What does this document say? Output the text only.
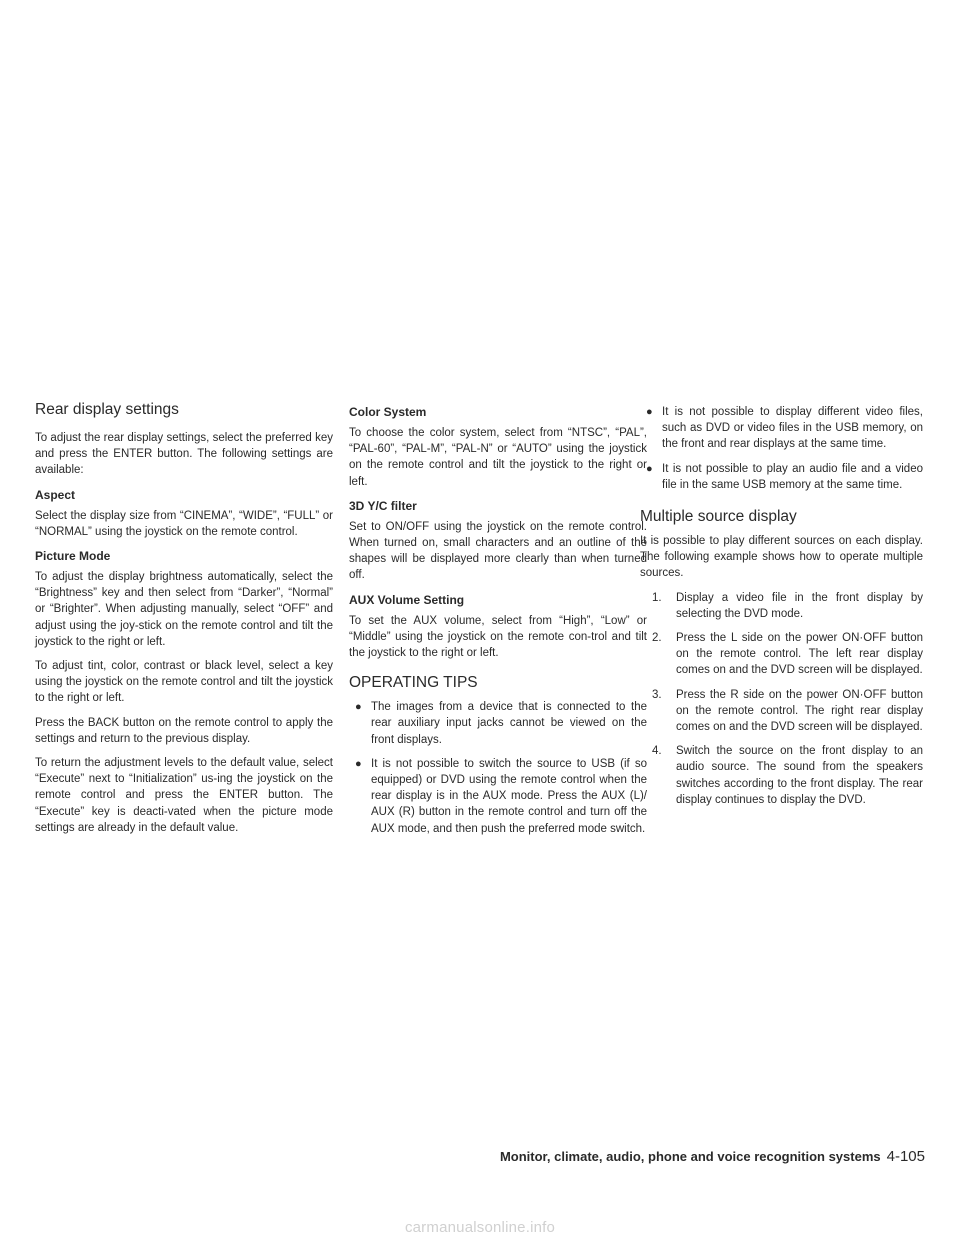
Rear display settings

To adjust the rear display settings, select the preferred key and press the ENTER button. The following settings are available:

Aspect

Select the display size from “CINEMA”, “WIDE”, “FULL” or “NORMAL” using the joystick on the remote control.

Picture Mode

To adjust the display brightness automatically, select the “Brightness” key and then select from “Darker”, “Normal” or “Brighter”. When adjusting manually, select “OFF” and adjust using the joy-stick on the remote control and tilt the joystick to the right or left.

To adjust tint, color, contrast or black level, select a key using the joystick on the remote control and tilt the joystick to the right or left.

Press the BACK button on the remote control to apply the settings and return to the previous display.

To return the adjustment levels to the default value, select “Execute” next to “Initialization” us-ing the joystick on the remote control and press the ENTER button. The “Execute” key is deacti-vated when the picture mode settings are already in the default value.

Color System

To choose the color system, select from “NTSC”, “PAL”, “PAL-60”, “PAL-M”, “PAL-N” or “AUTO” using the joystick on the remote control and tilt the joystick to the right or left.

3D Y/C filter

Set to ON/OFF using the joystick on the remote control. When turned on, small characters and an outline of the shapes will be displayed more clearly than when turned off.

AUX Volume Setting

To set the AUX volume, select from “High”, “Low” or “Middle” using the joystick on the remote con-trol and tilt the joystick to the right or left.

OPERATING TIPS
● The images from a device that is connected to the rear auxiliary input jacks cannot be viewed on the front displays.

● It is not possible to switch the source to USB (if so equipped) or DVD using the remote control when the rear display is in the AUX mode. Press the AUX (L)/ AUX (R) button in the remote control and turn off the AUX mode, and then push the preferred mode switch.

● It is not possible to display different video files, such as DVD or video files in the USB memory, on the front and rear displays at the same time.

● It is not possible to play an audio file and a video file in the same USB memory at the same time.

Multiple source display

It is possible to play different sources on each display. The following example shows how to operate multiple sources.

1. Display a video file in the front display by selecting the DVD mode.

2. Press the L side on the power ON·OFF button on the remote control. The left rear display comes on and the DVD screen will be displayed.

3. Press the R side on the power ON·OFF button on the remote control. The right rear display comes on and the DVD screen will be displayed.

4. Switch the source on the front display to an audio source. The sound from the speakers switches according to the front display. The rear display continues to display the DVD.

Monitor, climate, audio, phone and voice recognition systems 4-105
carmanualsonline.info
